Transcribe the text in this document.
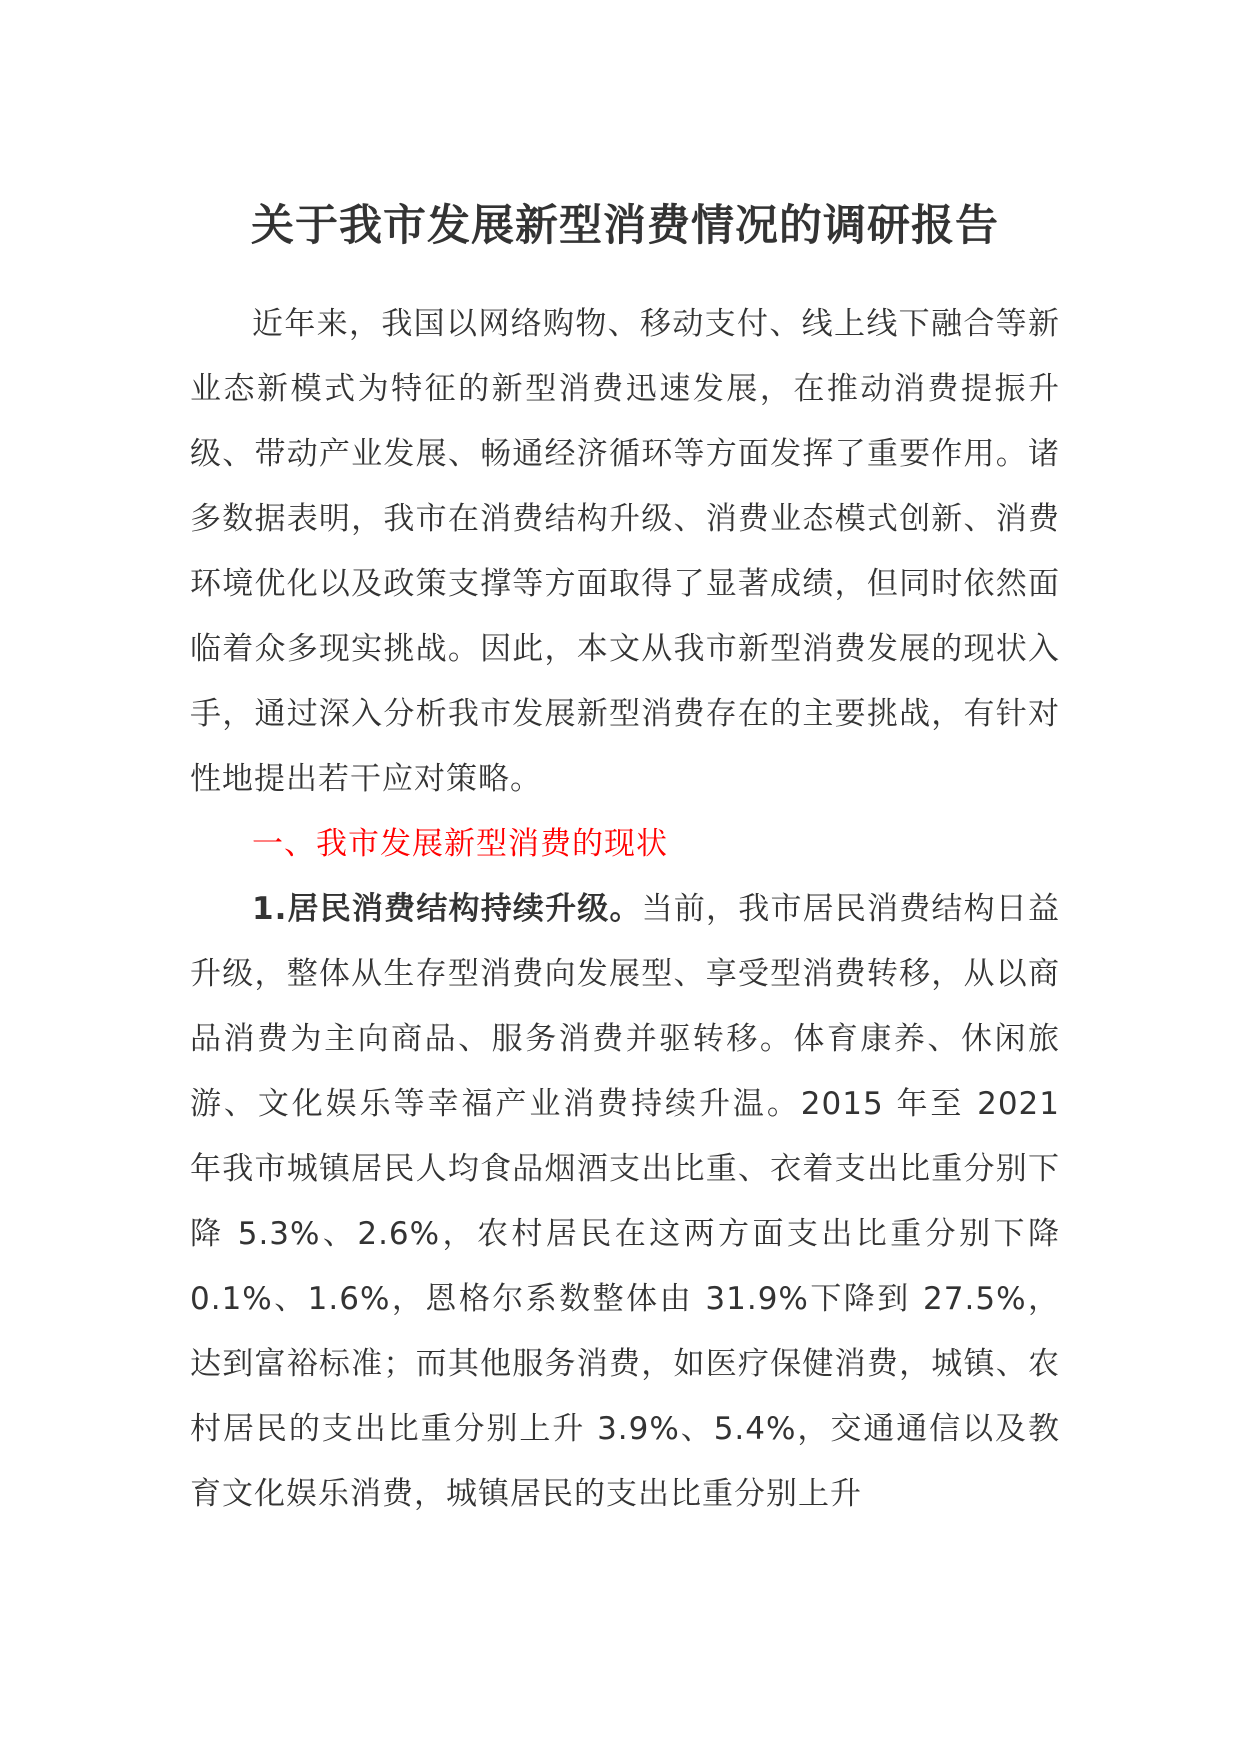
关于我市发展新型消费情况的调研报告

近年来，我国以网络购物、移动支付、线上线下融合等新业态新模式为特征的新型消费迅速发展，在推动消费提振升级、带动产业发展、畅通经济循环等方面发挥了重要作用。诸多数据表明，我市在消费结构升级、消费业态模式创新、消费环境优化以及政策支撑等方面取得了显著成绩，但同时依然面临着众多现实挑战。因此，本文从我市新型消费发展的现状入手，通过深入分析我市发展新型消费存在的主要挑战，有针对性地提出若干应对策略。

一、我市发展新型消费的现状

1.居民消费结构持续升级。当前，我市居民消费结构日益升级，整体从生存型消费向发展型、享受型消费转移，从以商品消费为主向商品、服务消费并驱转移。体育康养、休闲旅游、文化娱乐等幸福产业消费持续升温。2015 年至 2021 年我市城镇居民人均食品烟酒支出比重、衣着支出比重分别下降 5.3%、2.6%，农村居民在这两方面支出比重分别下降 0.1%、1.6%，恩格尔系数整体由 31.9%下降到 27.5%，达到富裕标准；而其他服务消费，如医疗保健消费，城镇、农村居民的支出比重分别上升 3.9%、5.4%，交通通信以及教育文化娱乐消费，城镇居民的支出比重分别上升
